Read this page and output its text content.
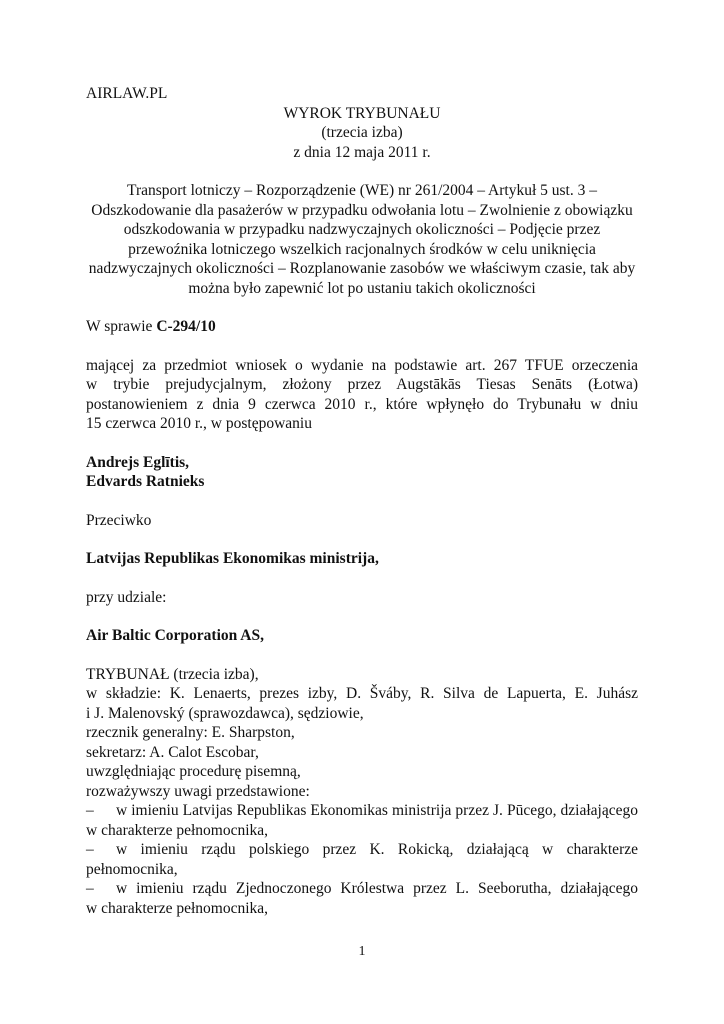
AIRLAW.PL
WYROK TRYBUNAŁU
(trzecia izba)
z dnia 12 maja 2011 r.
Transport lotniczy – Rozporządzenie (WE) nr 261/2004 – Artykuł 5 ust. 3 –
Odszkodowanie dla pasażerów w przypadku odwołania lotu – Zwolnienie z obowiązku
odszkodowania w przypadku nadzwyczajnych okoliczności – Podjęcie przez
przewoźnika lotniczego wszelkich racjonalnych środków w celu uniknięcia
nadzwyczajnych okoliczności – Rozplanowanie zasobów we właściwym czasie, tak aby
można było zapewnić lot po ustaniu takich okoliczności
W sprawie C-294/10
mającej za przedmiot wniosek o wydanie na podstawie art. 267 TFUE orzeczenia
w trybie prejudycjalnym, złożony przez Augstākās Tiesas Senāts (Łotwa)
postanowieniem z dnia 9 czerwca 2010 r., które wpłynęło do Trybunału w dniu
15 czerwca 2010 r., w postępowaniu
Andrejs Eglītis,
Edvards Ratnieks
Przeciwko
Latvijas Republikas Ekonomikas ministrija,
przy udziale:
Air Baltic Corporation AS,
TRYBUNAŁ (trzecia izba),
w składzie: K. Lenaerts, prezes izby, D. Šváby, R. Silva de Lapuerta, E. Juhász
i J. Malenovský (sprawozdawca), sędziowie,
rzecznik generalny: E. Sharpston,
sekretarz: A. Calot Escobar,
uwzględniając procedurę pisemną,
rozważywszy uwagi przedstawione:
–	w imieniu Latvijas Republikas Ekonomikas ministrija przez J. Pūcego, działającego
w charakterze pełnomocnika,
–	w imieniu rządu polskiego przez K. Rokicką, działającą w charakterze
pełnomocnika,
–	w imieniu rządu Zjednoczonego Królestwa przez L. Seeboruthа, działającego
w charakterze pełnomocnika,
1
